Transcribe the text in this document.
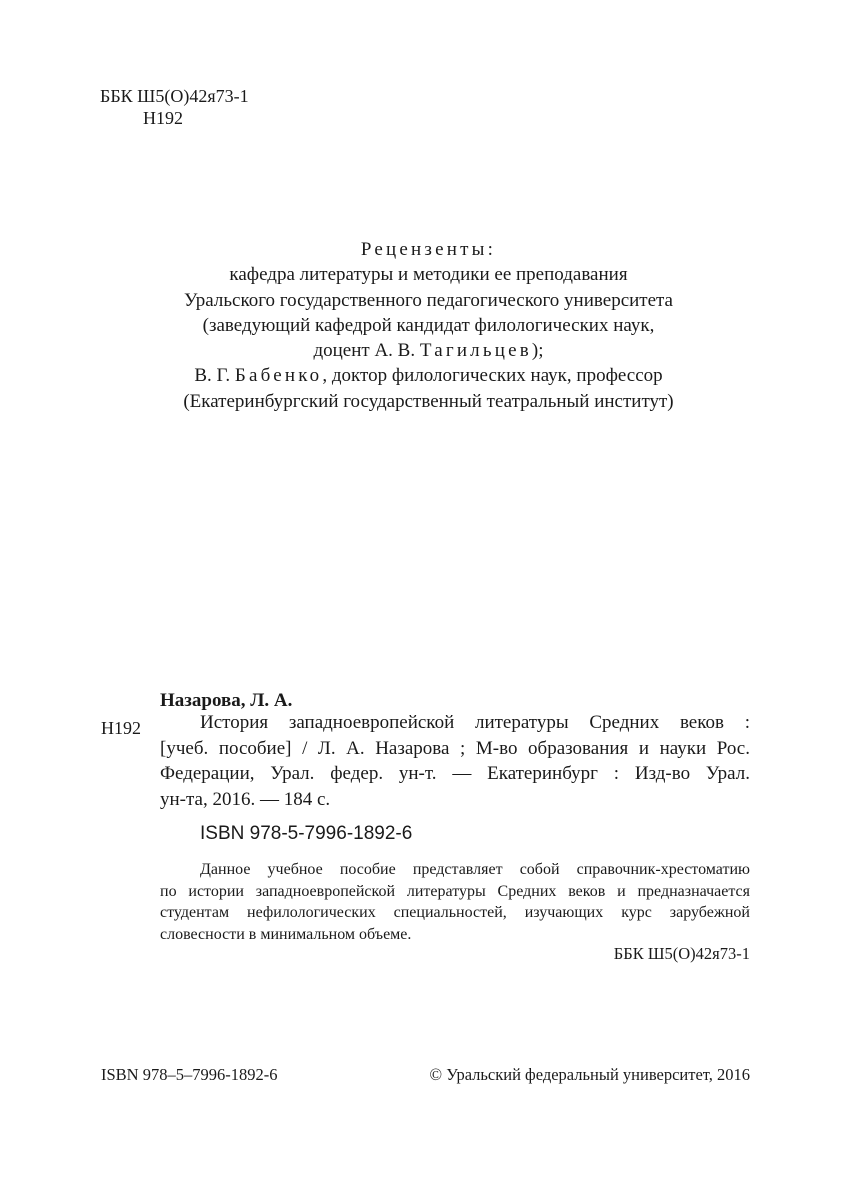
ББК Ш5(О)42я73-1
Н192
Рецензенты:
кафедра литературы и методики ее преподавания
Уральского государственного педагогического университета
(заведующий кафедрой кандидат филологических наук,
доцент А. В. Тагильцев);
В. Г. Бабенко, доктор филологических наук, профессор
(Екатеринбургский государственный театральный институт)
Назарова, Л. А.
Н192	История западноевропейской литературы Средних веков :
[учеб. пособие] / Л. А. Назарова ; М-во образования и науки Рос.
Федерации, Урал. федер. ун-т. — Екатеринбург : Изд-во Урал.
ун-та, 2016. — 184 с.
ISBN 978-5-7996-1892-6
Данное учебное пособие представляет собой справочник-хрестоматию
по истории западноевропейской литературы Средних веков и предназначается
студентам нефилологических специальностей, изучающих курс зарубежной
словесности в минимальном объеме.
ББК Ш5(О)42я73-1
ISBN 978–5–7996-1892-6	© Уральский федеральный университет, 2016
